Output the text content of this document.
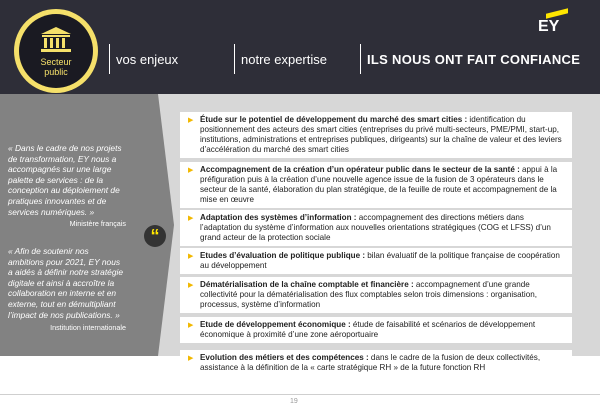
Secteur
public
vos enjeux	notre expertise	ILS NOUS ONT FAIT CONFIANCE
EY
« Dans le cadre de nos projets de transformation, EY nous a accompagnés sur une large palette de services : de la conception au déploiement de pratiques innovantes et de services numériques. »
Ministère français
« Afin de soutenir nos ambitions pour 2021, EY nous a aidés à définir notre stratégie digitale et ainsi à accroître la collaboration en interne et en externe, tout en démultipliant l’impact de nos publications. »
Institution internationale
“
▶ Étude sur le potentiel de développement du marché des smart cities : identification du positionnement des acteurs des smart cities (entreprises du privé multi-secteurs, PME/PMI, start-up, institutions, administrations et entreprises publiques, dirigeants) sur la chaîne de valeur et des leviers d’accélération du marché des smart cities
▶ Accompagnement de la création d’un opérateur public dans le secteur de la santé : appui à la préfiguration puis à la création d’une nouvelle agence issue de la fusion de 3 opérateurs dans le secteur de la santé, élaboration du plan stratégique, de la feuille de route et accompagnement de la mise en œuvre
▶ Adaptation des systèmes d’information : accompagnement des directions métiers dans l’adaptation du système d’information aux nouvelles orientations stratégiques (COG et LFSS) d’un grand acteur de la protection sociale
▶ Etudes d’évaluation de politique publique : bilan évaluatif de la politique française de coopération au développement
▶ Dématérialisation de la chaîne comptable et financière : accompagnement d’une grande collectivité pour la dématérialisation des flux comptables selon trois dimensions : organisation, processus, système d’information
▶ Etude de développement économique : étude de faisabilité et scénarios de développement économique à proximité d’une zone aéroportuaire
▶ Evolution des métiers et des compétences : dans le cadre de la fusion de deux collectivités, assistance à la définition de la « carte stratégique RH » de la future fonction RH
19
